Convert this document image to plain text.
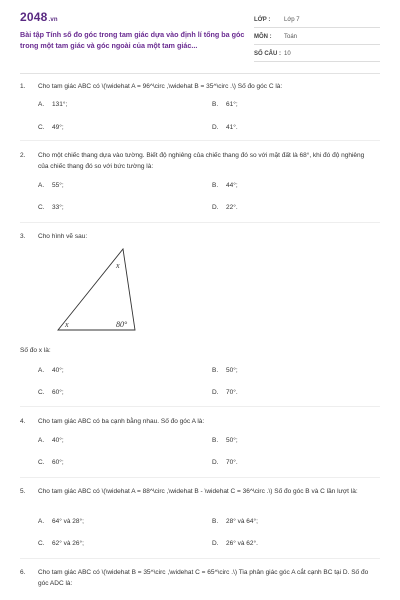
2048.vn
Bài tập Tính số đo góc trong tam giác dựa vào định lí tổng ba góc trong một tam giác và góc ngoài của một tam giác...
LỚP : Lớp 7
MÔN : Toán
SỐ CÂU : 10
1. Cho tam giác ABC có \(\widehat A = 96^\circ ,\widehat B = 35^\circ .\) Số đo góc C là:
A. 131°;	B. 61°;
C. 49°;	D. 41°.
2. Cho một chiếc thang dựa vào tường. Biết độ nghiêng của chiếc thang đó so với mặt đất là 68°, khi đó độ nghiêng của chiếc thang đó so với bức tường là:
A. 55°;	B. 44°;
C. 33°;	D. 22°.
3. Cho hình vẽ sau:
x
x	80°
Số đo x là:
A. 40°;	B. 50°;
C. 60°;	D. 70°.
4. Cho tam giác ABC có ba cạnh bằng nhau. Số đo góc A là:
A. 40°;	B. 50°;
C. 60°;	D. 70°.
5. Cho tam giác ABC có \(\widehat A = 88^\circ ,\widehat B - \widehat C = 36^\circ .\) Số đo góc B và C lần lượt là:
A. 64° và 28°;	B. 28° và 64°;
C. 62° và 26°;	D. 26° và 62°.
6. Cho tam giác ABC có \(\widehat B = 35^\circ ,\widehat C = 65^\circ .\) Tia phân giác góc A cắt cạnh BC tại D. Số đo góc ADC là:
